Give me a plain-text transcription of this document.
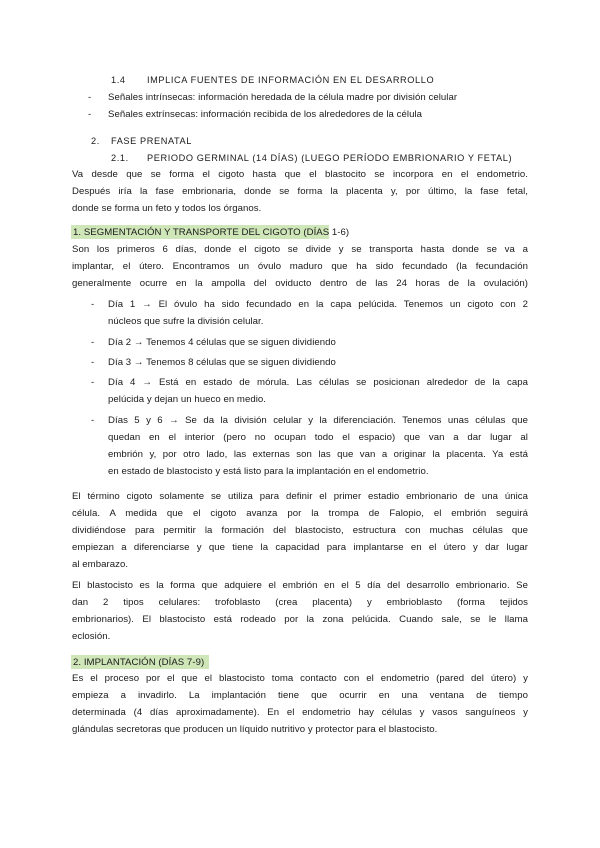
1.4 IMPLICA FUENTES DE INFORMACIÓN EN EL DESARROLLO
- Señales intrínsecas: información heredada de la célula madre por división celular
- Señales extrínsecas: información recibida de los alrededores de la célula
2. FASE PRENATAL
2.1. PERIODO GERMINAL (14 DÍAS) (LUEGO PERÍODO EMBRIONARIO Y FETAL)
Va desde que se forma el cigoto hasta que el blastocito se incorpora en el endometrio.
Después iría la fase embrionaria, donde se forma la placenta y, por último, la fase fetal,
donde se forma un feto y todos los órganos.
1. SEGMENTACIÓN Y TRANSPORTE DEL CIGOTO (DÍAS 1-6)
Son los primeros 6 días, donde el cigoto se divide y se transporta hasta donde se va a
implantar, el útero. Encontramos un óvulo maduro que ha sido fecundado (la fecundación
generalmente ocurre en la ampolla del oviducto dentro de las 24 horas de la ovulación)
- Día 1 → El óvulo ha sido fecundado en la capa pelúcida. Tenemos un cigoto con 2
núcleos que sufre la división celular.
- Día 2 → Tenemos 4 células que se siguen dividiendo
- Día 3 → Tenemos 8 células que se siguen dividiendo
- Día 4 → Está en estado de mórula. Las células se posicionan alrededor de la capa
pelúcida y dejan un hueco en medio.
- Días 5 y 6 → Se da la división celular y la diferenciación. Tenemos unas células que
quedan en el interior (pero no ocupan todo el espacio) que van a dar lugar al
embrión y, por otro lado, las externas son las que van a originar la placenta. Ya está
en estado de blastocisto y está listo para la implantación en el endometrio.
El término cigoto solamente se utiliza para definir el primer estadio embrionario de una única
célula. A medida que el cigoto avanza por la trompa de Falopio, el embrión seguirá
dividiéndose para permitir la formación del blastocisto, estructura con muchas células que
empiezan a diferenciarse y que tiene la capacidad para implantarse en el útero y dar lugar
al embarazo.
El blastocisto es la forma que adquiere el embrión en el 5 día del desarrollo embrionario. Se
dan 2 tipos celulares: trofoblasto (crea placenta) y embrioblasto (forma tejidos
embrionarios). El blastocisto está rodeado por la zona pelúcida. Cuando sale, se le llama
eclosión.
2. IMPLANTACIÓN (DÍAS 7-9)
Es el proceso por el que el blastocisto toma contacto con el endometrio (pared del útero) y
empieza a invadirlo. La implantación tiene que ocurrir en una ventana de tiempo
determinada (4 días aproximadamente). En el endometrio hay células y vasos sanguíneos y
glándulas secretoras que producen un líquido nutritivo y protector para el blastocisto.
